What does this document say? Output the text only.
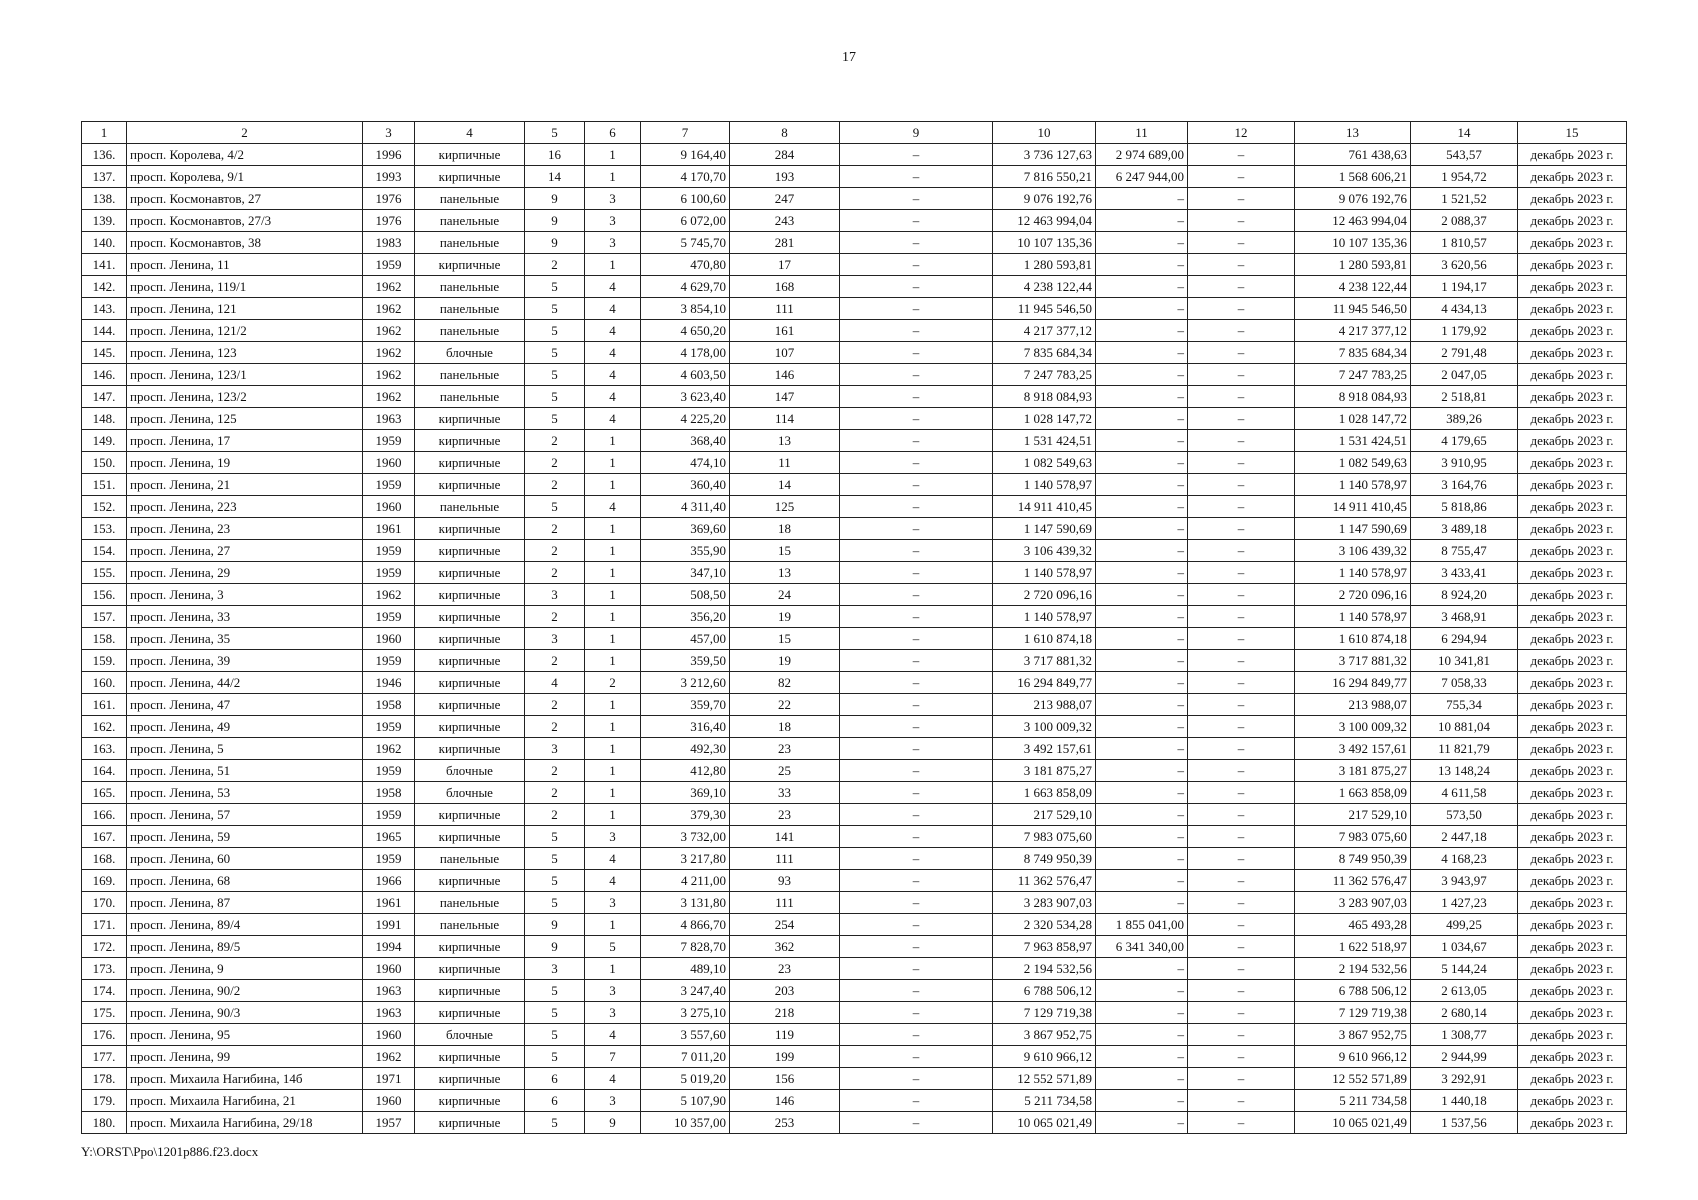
17
1	2	3	4	5	6	7	8	9	10	11	12	13	14	15
136.	просп. Королева, 4/2	1996	кирпичные	16	1	9 164,40	284	–	3 736 127,63	2 974 689,00	–	761 438,63	543,57	декабрь 2023 г.
137.	просп. Королева, 9/1	1993	кирпичные	14	1	4 170,70	193	–	7 816 550,21	6 247 944,00	–	1 568 606,21	1 954,72	декабрь 2023 г.
138.	просп. Космонавтов, 27	1976	панельные	9	3	6 100,60	247	–	9 076 192,76	–	–	9 076 192,76	1 521,52	декабрь 2023 г.
139.	просп. Космонавтов, 27/3	1976	панельные	9	3	6 072,00	243	–	12 463 994,04	–	–	12 463 994,04	2 088,37	декабрь 2023 г.
140.	просп. Космонавтов, 38	1983	панельные	9	3	5 745,70	281	–	10 107 135,36	–	–	10 107 135,36	1 810,57	декабрь 2023 г.
141.	просп. Ленина, 11	1959	кирпичные	2	1	470,80	17	–	1 280 593,81	–	–	1 280 593,81	3 620,56	декабрь 2023 г.
142.	просп. Ленина, 119/1	1962	панельные	5	4	4 629,70	168	–	4 238 122,44	–	–	4 238 122,44	1 194,17	декабрь 2023 г.
143.	просп. Ленина, 121	1962	панельные	5	4	3 854,10	111	–	11 945 546,50	–	–	11 945 546,50	4 434,13	декабрь 2023 г.
144.	просп. Ленина, 121/2	1962	панельные	5	4	4 650,20	161	–	4 217 377,12	–	–	4 217 377,12	1 179,92	декабрь 2023 г.
145.	просп. Ленина, 123	1962	блочные	5	4	4 178,00	107	–	7 835 684,34	–	–	7 835 684,34	2 791,48	декабрь 2023 г.
146.	просп. Ленина, 123/1	1962	панельные	5	4	4 603,50	146	–	7 247 783,25	–	–	7 247 783,25	2 047,05	декабрь 2023 г.
147.	просп. Ленина, 123/2	1962	панельные	5	4	3 623,40	147	–	8 918 084,93	–	–	8 918 084,93	2 518,81	декабрь 2023 г.
148.	просп. Ленина, 125	1963	кирпичные	5	4	4 225,20	114	–	1 028 147,72	–	–	1 028 147,72	389,26	декабрь 2023 г.
149.	просп. Ленина, 17	1959	кирпичные	2	1	368,40	13	–	1 531 424,51	–	–	1 531 424,51	4 179,65	декабрь 2023 г.
150.	просп. Ленина, 19	1960	кирпичные	2	1	474,10	11	–	1 082 549,63	–	–	1 082 549,63	3 910,95	декабрь 2023 г.
151.	просп. Ленина, 21	1959	кирпичные	2	1	360,40	14	–	1 140 578,97	–	–	1 140 578,97	3 164,76	декабрь 2023 г.
152.	просп. Ленина, 223	1960	панельные	5	4	4 311,40	125	–	14 911 410,45	–	–	14 911 410,45	5 818,86	декабрь 2023 г.
153.	просп. Ленина, 23	1961	кирпичные	2	1	369,60	18	–	1 147 590,69	–	–	1 147 590,69	3 489,18	декабрь 2023 г.
154.	просп. Ленина, 27	1959	кирпичные	2	1	355,90	15	–	3 106 439,32	–	–	3 106 439,32	8 755,47	декабрь 2023 г.
155.	просп. Ленина, 29	1959	кирпичные	2	1	347,10	13	–	1 140 578,97	–	–	1 140 578,97	3 433,41	декабрь 2023 г.
156.	просп. Ленина, 3	1962	кирпичные	3	1	508,50	24	–	2 720 096,16	–	–	2 720 096,16	8 924,20	декабрь 2023 г.
157.	просп. Ленина, 33	1959	кирпичные	2	1	356,20	19	–	1 140 578,97	–	–	1 140 578,97	3 468,91	декабрь 2023 г.
158.	просп. Ленина, 35	1960	кирпичные	3	1	457,00	15	–	1 610 874,18	–	–	1 610 874,18	6 294,94	декабрь 2023 г.
159.	просп. Ленина, 39	1959	кирпичные	2	1	359,50	19	–	3 717 881,32	–	–	3 717 881,32	10 341,81	декабрь 2023 г.
160.	просп. Ленина, 44/2	1946	кирпичные	4	2	3 212,60	82	–	16 294 849,77	–	–	16 294 849,77	7 058,33	декабрь 2023 г.
161.	просп. Ленина, 47	1958	кирпичные	2	1	359,70	22	–	213 988,07	–	–	213 988,07	755,34	декабрь 2023 г.
162.	просп. Ленина, 49	1959	кирпичные	2	1	316,40	18	–	3 100 009,32	–	–	3 100 009,32	10 881,04	декабрь 2023 г.
163.	просп. Ленина, 5	1962	кирпичные	3	1	492,30	23	–	3 492 157,61	–	–	3 492 157,61	11 821,79	декабрь 2023 г.
164.	просп. Ленина, 51	1959	блочные	2	1	412,80	25	–	3 181 875,27	–	–	3 181 875,27	13 148,24	декабрь 2023 г.
165.	просп. Ленина, 53	1958	блочные	2	1	369,10	33	–	1 663 858,09	–	–	1 663 858,09	4 611,58	декабрь 2023 г.
166.	просп. Ленина, 57	1959	кирпичные	2	1	379,30	23	–	217 529,10	–	–	217 529,10	573,50	декабрь 2023 г.
167.	просп. Ленина, 59	1965	кирпичные	5	3	3 732,00	141	–	7 983 075,60	–	–	7 983 075,60	2 447,18	декабрь 2023 г.
168.	просп. Ленина, 60	1959	панельные	5	4	3 217,80	111	–	8 749 950,39	–	–	8 749 950,39	4 168,23	декабрь 2023 г.
169.	просп. Ленина, 68	1966	кирпичные	5	4	4 211,00	93	–	11 362 576,47	–	–	11 362 576,47	3 943,97	декабрь 2023 г.
170.	просп. Ленина, 87	1961	панельные	5	3	3 131,80	111	–	3 283 907,03	–	–	3 283 907,03	1 427,23	декабрь 2023 г.
171.	просп. Ленина, 89/4	1991	панельные	9	1	4 866,70	254	–	2 320 534,28	1 855 041,00	–	465 493,28	499,25	декабрь 2023 г.
172.	просп. Ленина, 89/5	1994	кирпичные	9	5	7 828,70	362	–	7 963 858,97	6 341 340,00	–	1 622 518,97	1 034,67	декабрь 2023 г.
173.	просп. Ленина, 9	1960	кирпичные	3	1	489,10	23	–	2 194 532,56	–	–	2 194 532,56	5 144,24	декабрь 2023 г.
174.	просп. Ленина, 90/2	1963	кирпичные	5	3	3 247,40	203	–	6 788 506,12	–	–	6 788 506,12	2 613,05	декабрь 2023 г.
175.	просп. Ленина, 90/3	1963	кирпичные	5	3	3 275,10	218	–	7 129 719,38	–	–	7 129 719,38	2 680,14	декабрь 2023 г.
176.	просп. Ленина, 95	1960	блочные	5	4	3 557,60	119	–	3 867 952,75	–	–	3 867 952,75	1 308,77	декабрь 2023 г.
177.	просп. Ленина, 99	1962	кирпичные	5	7	7 011,20	199	–	9 610 966,12	–	–	9 610 966,12	2 944,99	декабрь 2023 г.
178.	просп. Михаила Нагибина, 14б	1971	кирпичные	6	4	5 019,20	156	–	12 552 571,89	–	–	12 552 571,89	3 292,91	декабрь 2023 г.
179.	просп. Михаила Нагибина, 21	1960	кирпичные	6	3	5 107,90	146	–	5 211 734,58	–	–	5 211 734,58	1 440,18	декабрь 2023 г.
180.	просп. Михаила Нагибина, 29/18	1957	кирпичные	5	9	10 357,00	253	–	10 065 021,49	–	–	10 065 021,49	1 537,56	декабрь 2023 г.
Y:\ORST\Ppo\1201p886.f23.docx
